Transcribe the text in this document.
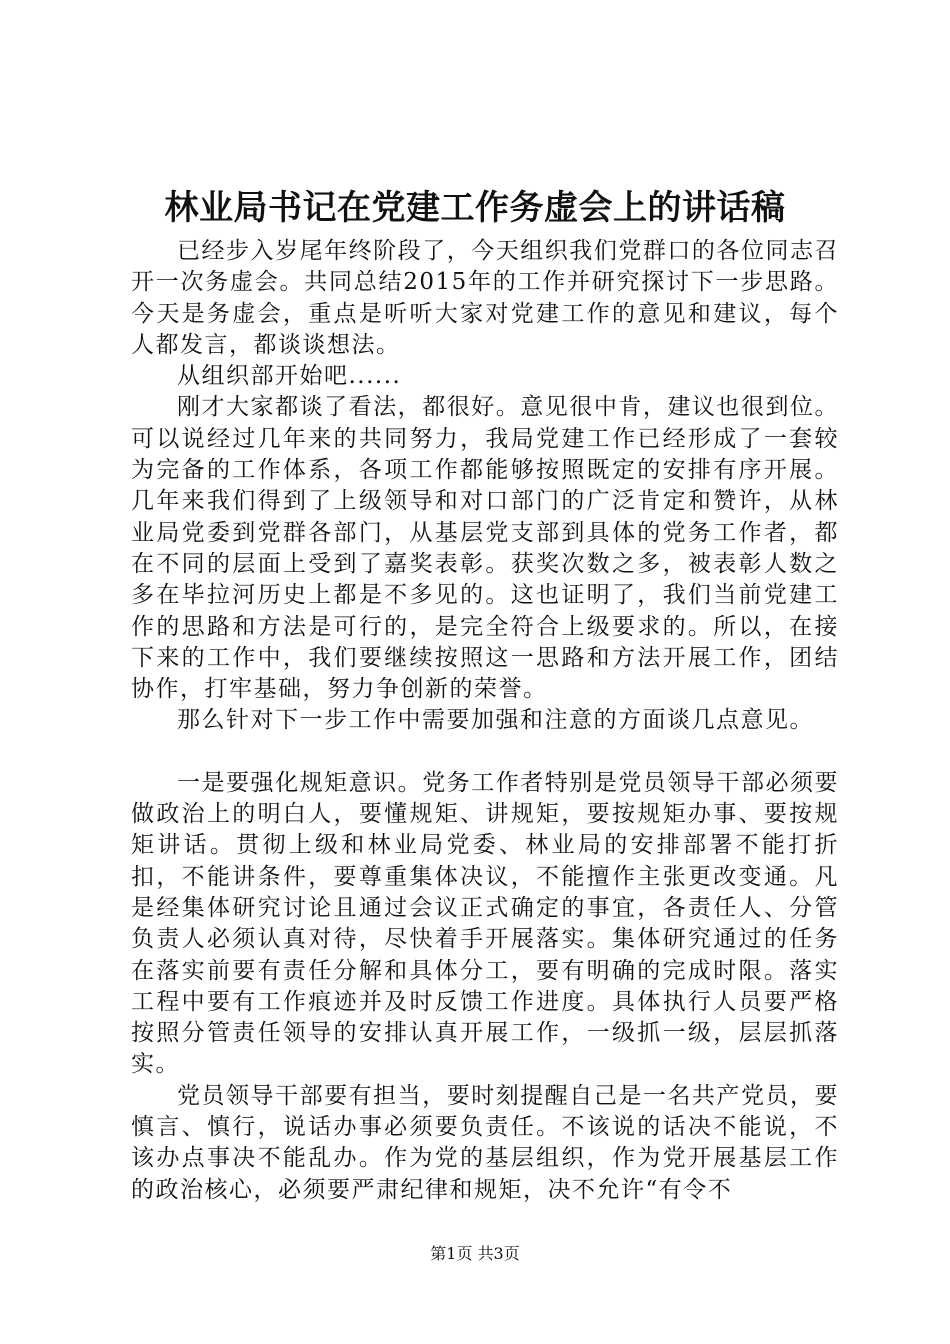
林业局书记在党建工作务虚会上的讲话稿

已经步入岁尾年终阶段了，今天组织我们党群口的各位同志召开一次务虚会。共同总结2015年的工作并研究探讨下一步思路。今天是务虚会，重点是听听大家对党建工作的意见和建议，每个人都发言，都谈谈想法。

从组织部开始吧......

刚才大家都谈了看法，都很好。意见很中肯，建议也很到位。可以说经过几年来的共同努力，我局党建工作已经形成了一套较为完备的工作体系，各项工作都能够按照既定的安排有序开展。几年来我们得到了上级领导和对口部门的广泛肯定和赞许，从林业局党委到党群各部门，从基层党支部到具体的党务工作者，都在不同的层面上受到了嘉奖表彰。获奖次数之多，被表彰人数之多在毕拉河历史上都是不多见的。这也证明了，我们当前党建工作的思路和方法是可行的，是完全符合上级要求的。所以，在接下来的工作中，我们要继续按照这一思路和方法开展工作，团结协作，打牢基础，努力争创新的荣誉。

那么针对下一步工作中需要加强和注意的方面谈几点意见。

一是要强化规矩意识。党务工作者特别是党员领导干部必须要做政治上的明白人，要懂规矩、讲规矩，要按规矩办事、要按规矩讲话。贯彻上级和林业局党委、林业局的安排部署不能打折扣，不能讲条件，要尊重集体决议，不能擅作主张更改变通。凡是经集体研究讨论且通过会议正式确定的事宜，各责任人、分管负责人必须认真对待，尽快着手开展落实。集体研究通过的任务在落实前要有责任分解和具体分工，要有明确的完成时限。落实工程中要有工作痕迹并及时反馈工作进度。具体执行人员要严格按照分管责任领导的安排认真开展工作，一级抓一级，层层抓落实。

党员领导干部要有担当，要时刻提醒自己是一名共产党员，要慎言、慎行，说话办事必须要负责任。不该说的话决不能说，不该办点事决不能乱办。作为党的基层组织，作为党开展基层工作的政治核心，必须要严肃纪律和规矩，决不允许“有令不

第1页 共3页
